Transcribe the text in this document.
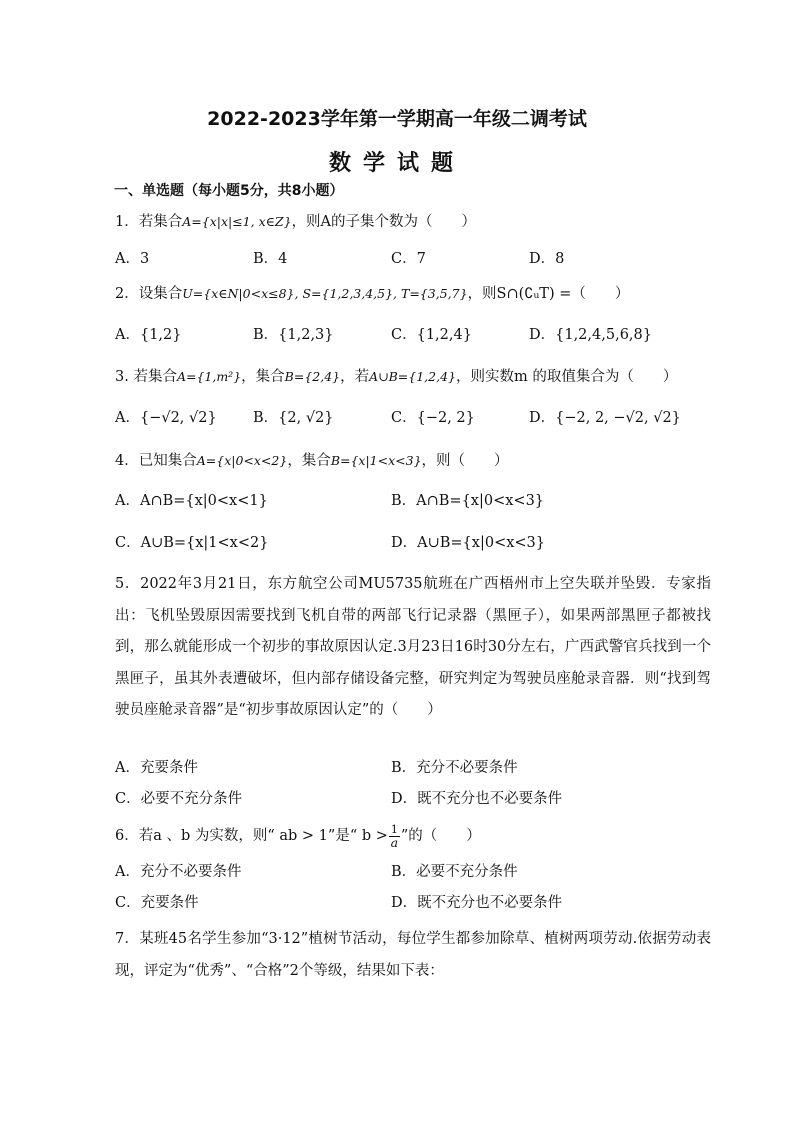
2022-2023学年第一学期高一年级二调考试
数学试题
一、单选题（每小题5分，共8小题）
1．若集合A={x|x|≤1, x∈Z}，则A的子集个数为（　　）
A．3	B．4	C．7	D．8
2．设集合U={x∈N|0<x≤8}, S={1,2,3,4,5}, T={3,5,7}，则S∩(∁ᵤT) =（　　）
A．{1,2}	B．{1,2,3}	C．{1,2,4}	D．{1,2,4,5,6,8}
3. 若集合A={1,m²}，集合B={2,4}，若A∪B={1,2,4}，则实数m 的取值集合为（　　）
A．{−√2, √2}	B．{2, √2}	C．{−2, 2}	D．{−2, 2, −√2, √2}
4．已知集合A={x|0<x<2}，集合B={x|1<x<3}，则（　　）
A．A∩B={x|0<x<1}	B．A∩B={x|0<x<3}
C．A∪B={x|1<x<2}	D．A∪B={x|0<x<3}
5．2022年3月21日，东方航空公司MU5735航班在广西梧州市上空失联并坠毁．专家指出：飞机坠毁原因需要找到飞机自带的两部飞行记录器（黑匣子），如果两部黑匣子都被找到，那么就能形成一个初步的事故原因认定.3月23日16时30分左右，广西武警官兵找到一个黑匣子，虽其外表遭破坏，但内部存储设备完整，研究判定为驾驶员座舱录音器．则“找到驾驶员座舱录音器”是“初步事故原因认定”的（　　）
A．充要条件	B．充分不必要条件
C．必要不充分条件	D．既不充分也不必要条件
6．若a 、b 为实数，则“ ab > 1”是“ $b > \frac{1}{a}$ ”的（　　）
A．充分不必要条件	B．必要不充分条件
C．充要条件	D．既不充分也不必要条件
7．某班45名学生参加“3·12”植树节活动，每位学生都参加除草、植树两项劳动.依据劳动表现，评定为“优秀”、“合格”2个等级，结果如下表：
